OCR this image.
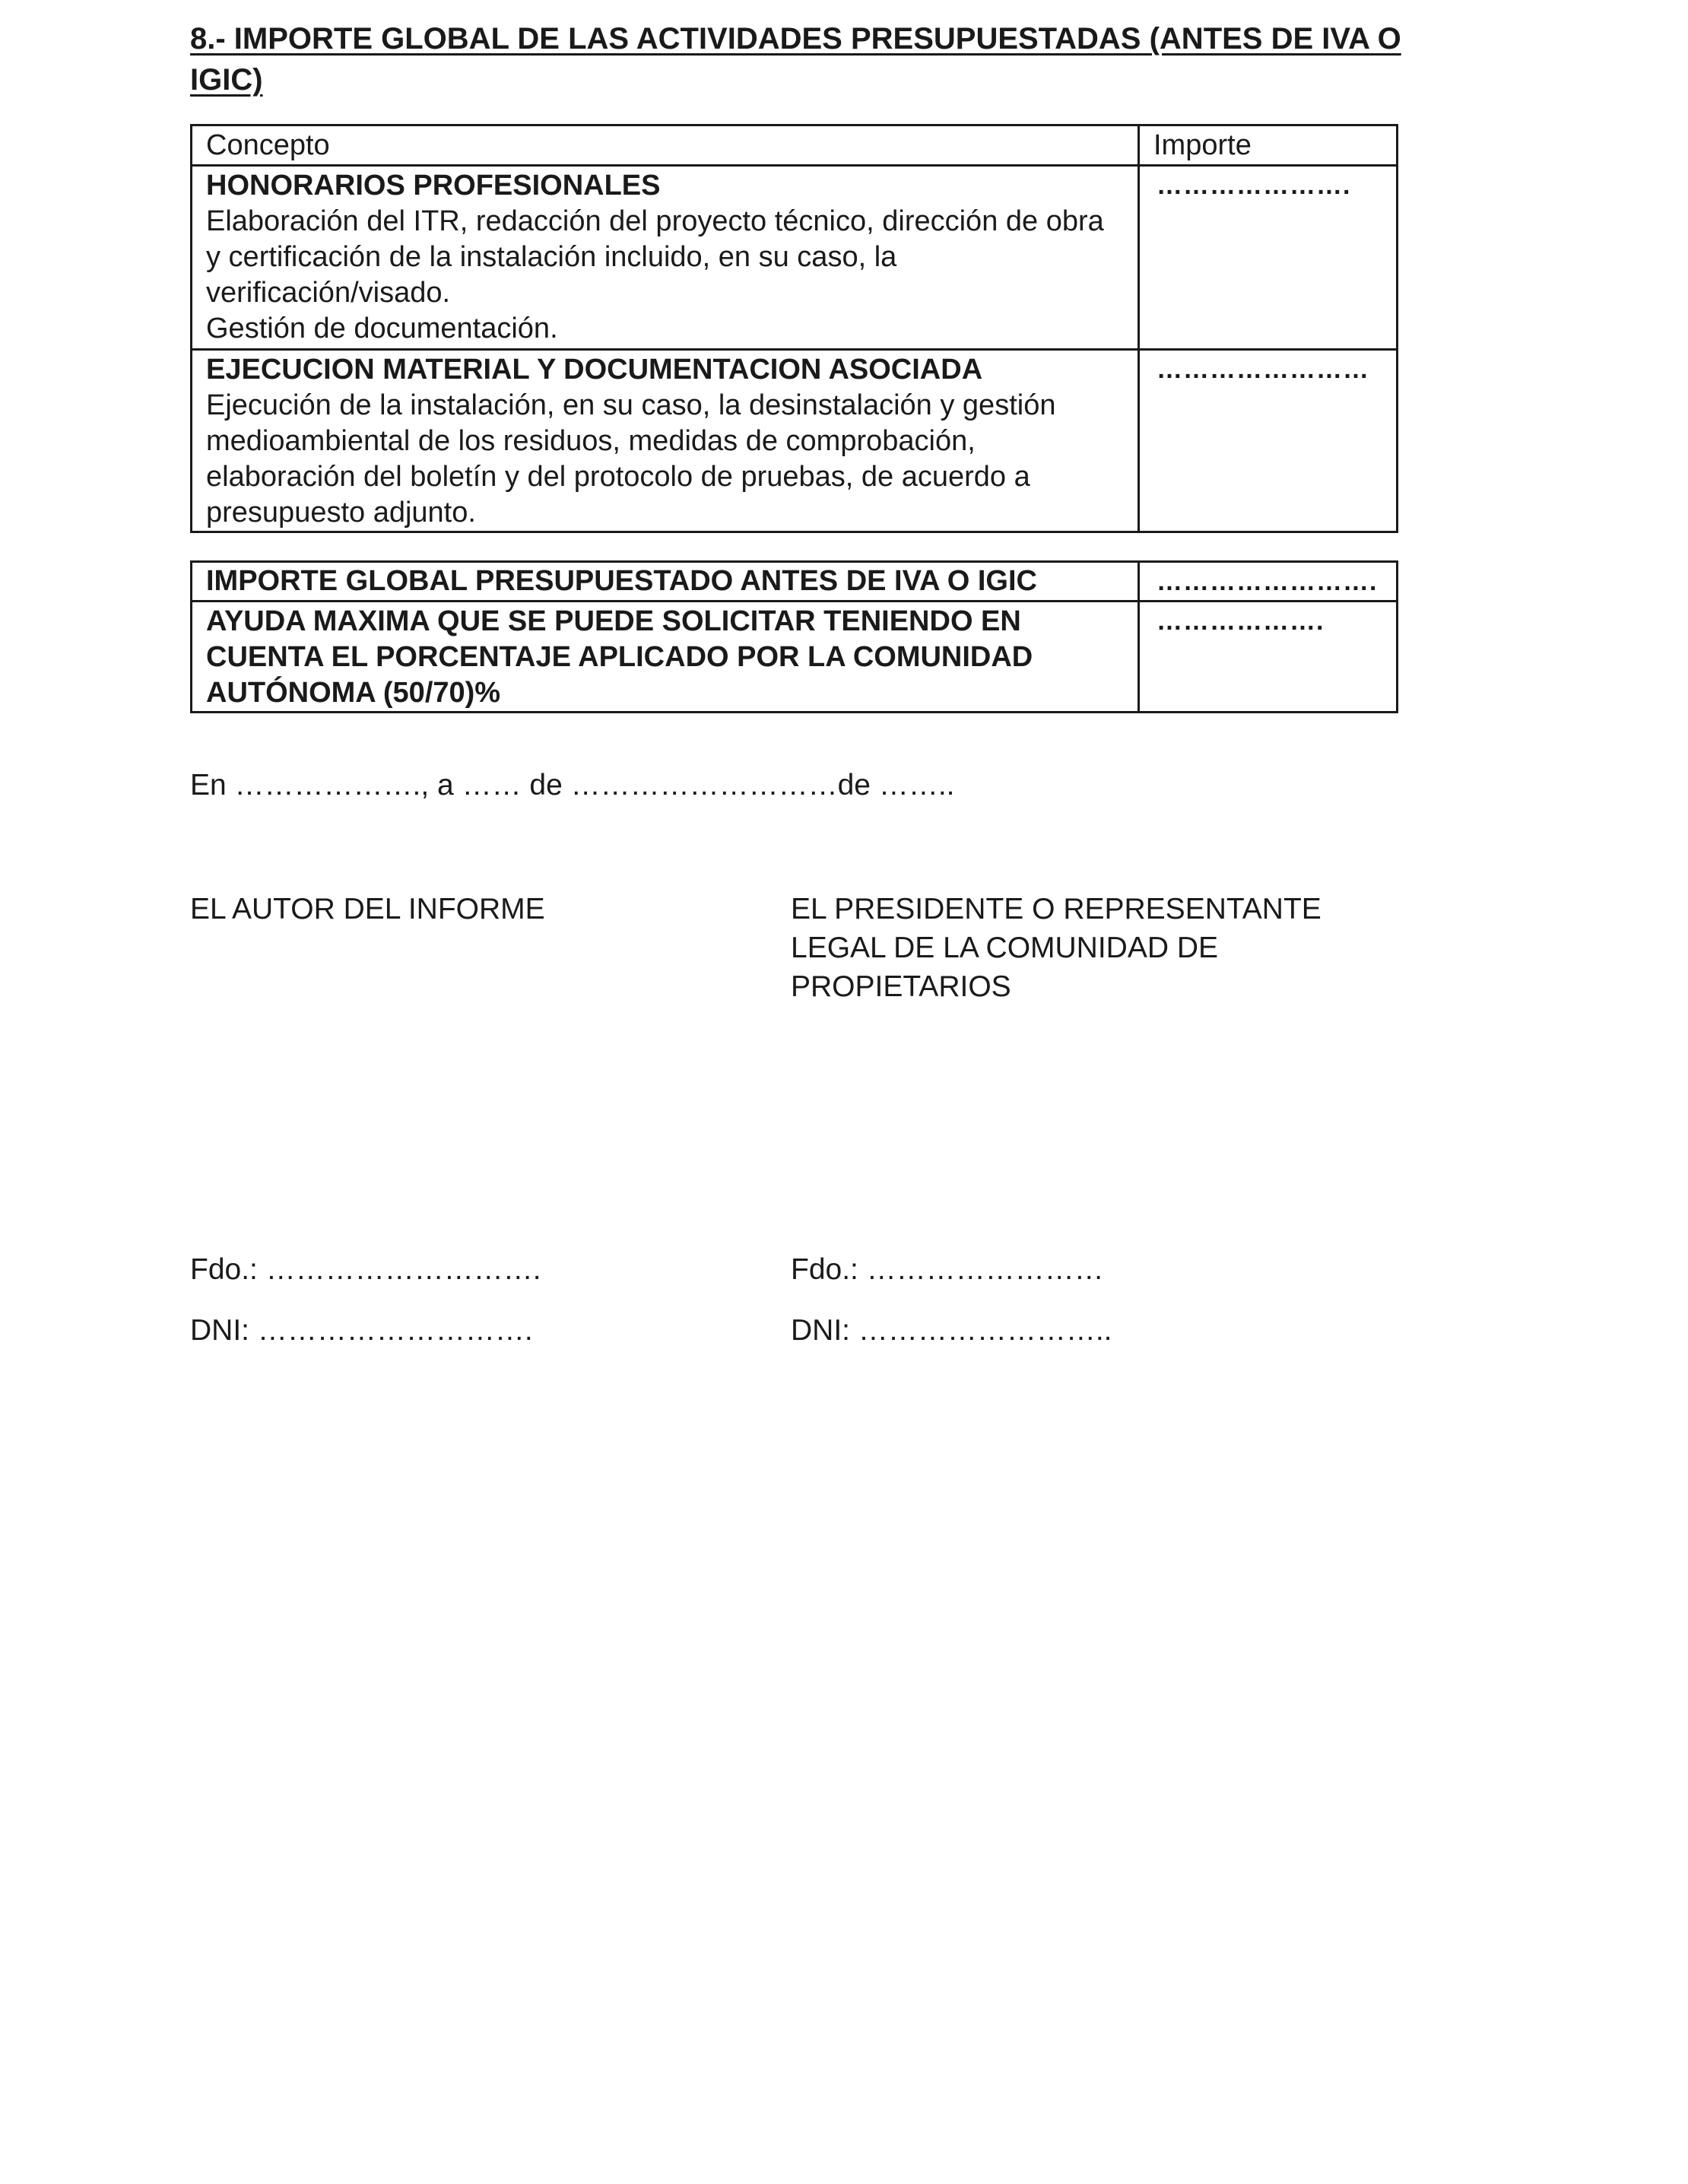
8.- IMPORTE GLOBAL DE LAS ACTIVIDADES PRESUPUESTADAS (ANTES DE IVA O IGIC)
Concepto	Importe

HONORARIOS PROFESIONALES
Elaboración del ITR, redacción del proyecto técnico, dirección de obra y certificación de la instalación incluido, en su caso, la verificación/visado.
Gestión de documentación.	………………….

EJECUCION MATERIAL Y DOCUMENTACION ASOCIADA
Ejecución de la instalación, en su caso, la desinstalación y gestión medioambiental de los residuos, medidas de comprobación, elaboración del boletín y del protocolo de pruebas, de acuerdo a presupuesto adjunto.	……………………
IMPORTE GLOBAL PRESUPUESTADO ANTES DE IVA O IGIC	…………………….
AYUDA MAXIMA QUE SE PUEDE SOLICITAR TENIENDO EN CUENTA EL PORCENTAJE APLICADO POR LA COMUNIDAD AUTÓNOMA (50/70)%	……………….
En ………………., a …… de ………………………de ……..
EL AUTOR DEL INFORME	EL PRESIDENTE O REPRESENTANTE LEGAL DE LA COMUNIDAD DE PROPIETARIOS
Fdo.: ……………………….	Fdo.: ……………………
DNI: ……………………….	DNI: ……………………..
